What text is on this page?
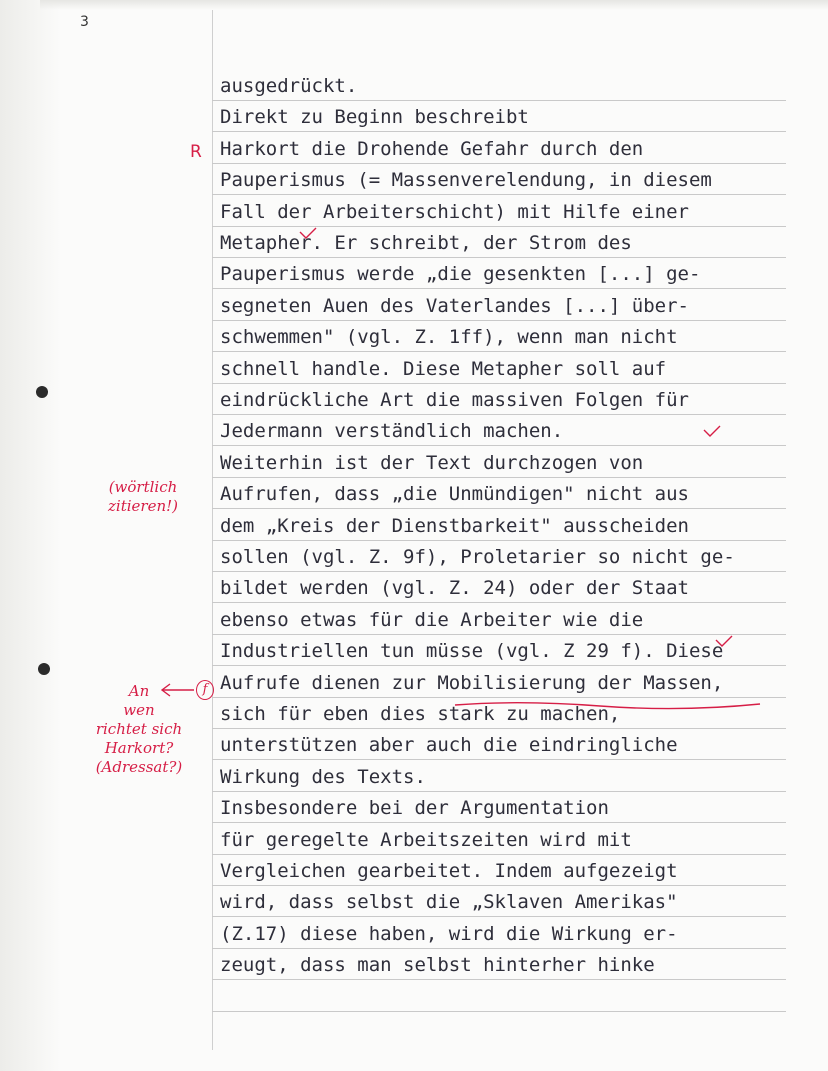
3
R
(wörtlich
zitieren!)
An
wen
richtet sich
Harkort?
(Adressat?)
f
ausgedrückt.
Direkt zu Beginn beschreibt
Harkort die Drohende Gefahr durch den
Pauperismus (= Massenverelendung, in diesem
Fall der Arbeiterschicht) mit Hilfe einer
Metapher. Er schreibt, der Strom des
Pauperismus werde „die gesenkten [...] ge-
segneten Auen des Vaterlandes [...] über-
schwemmen" (vgl. Z. 1ff), wenn man nicht
schnell handle. Diese Metapher soll auf
eindrückliche Art die massiven Folgen für
Jedermann verständlich machen.
Weiterhin ist der Text durchzogen von
Aufrufen, dass „die Unmündigen" nicht aus
dem „Kreis der Dienstbarkeit" ausscheiden
sollen (vgl. Z. 9f), Proletarier so nicht ge-
bildet werden (vgl. Z. 24) oder der Staat
ebenso etwas für die Arbeiter wie die
Industriellen tun müsse (vgl. Z 29 f). Diese
Aufrufe dienen zur Mobilisierung der Massen,
sich für eben dies stark zu machen,
unterstützen aber auch die eindringliche
Wirkung des Texts.
Insbesondere bei der Argumentation
für geregelte Arbeitszeiten wird mit
Vergleichen gearbeitet. Indem aufgezeigt
wird, dass selbst die „Sklaven Amerikas"
(Z.17) diese haben, wird die Wirkung er-
zeugt, dass man selbst hinterher hinke
